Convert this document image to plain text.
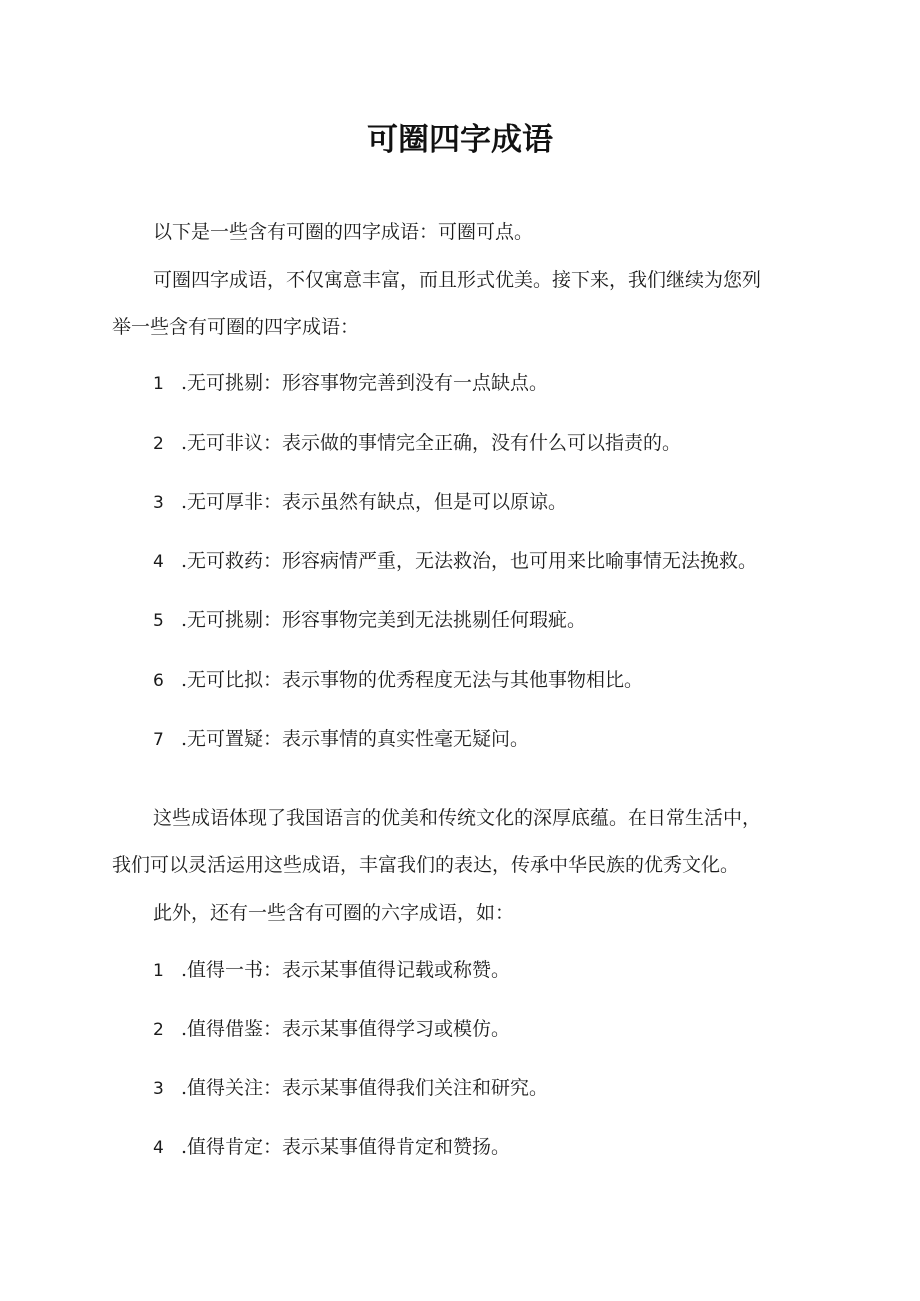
可圈四字成语
以下是一些含有可圈的四字成语：可圈可点。
可圈四字成语，不仅寓意丰富，而且形式优美。接下来，我们继续为您列
举一些含有可圈的四字成语：
1 .无可挑剔：形容事物完善到没有一点缺点。
2 .无可非议：表示做的事情完全正确，没有什么可以指责的。
3 .无可厚非：表示虽然有缺点，但是可以原谅。
4 .无可救药：形容病情严重，无法救治，也可用来比喻事情无法挽救。
5 .无可挑剔：形容事物完美到无法挑剔任何瑕疵。
6 .无可比拟：表示事物的优秀程度无法与其他事物相比。
7 .无可置疑：表示事情的真实性毫无疑问。
这些成语体现了我国语言的优美和传统文化的深厚底蕴。在日常生活中，
我们可以灵活运用这些成语，丰富我们的表达，传承中华民族的优秀文化。
此外，还有一些含有可圈的六字成语，如：
1 .值得一书：表示某事值得记载或称赞。
2 .值得借鉴：表示某事值得学习或模仿。
3 .值得关注：表示某事值得我们关注和研究。
4 .值得肯定：表示某事值得肯定和赞扬。
